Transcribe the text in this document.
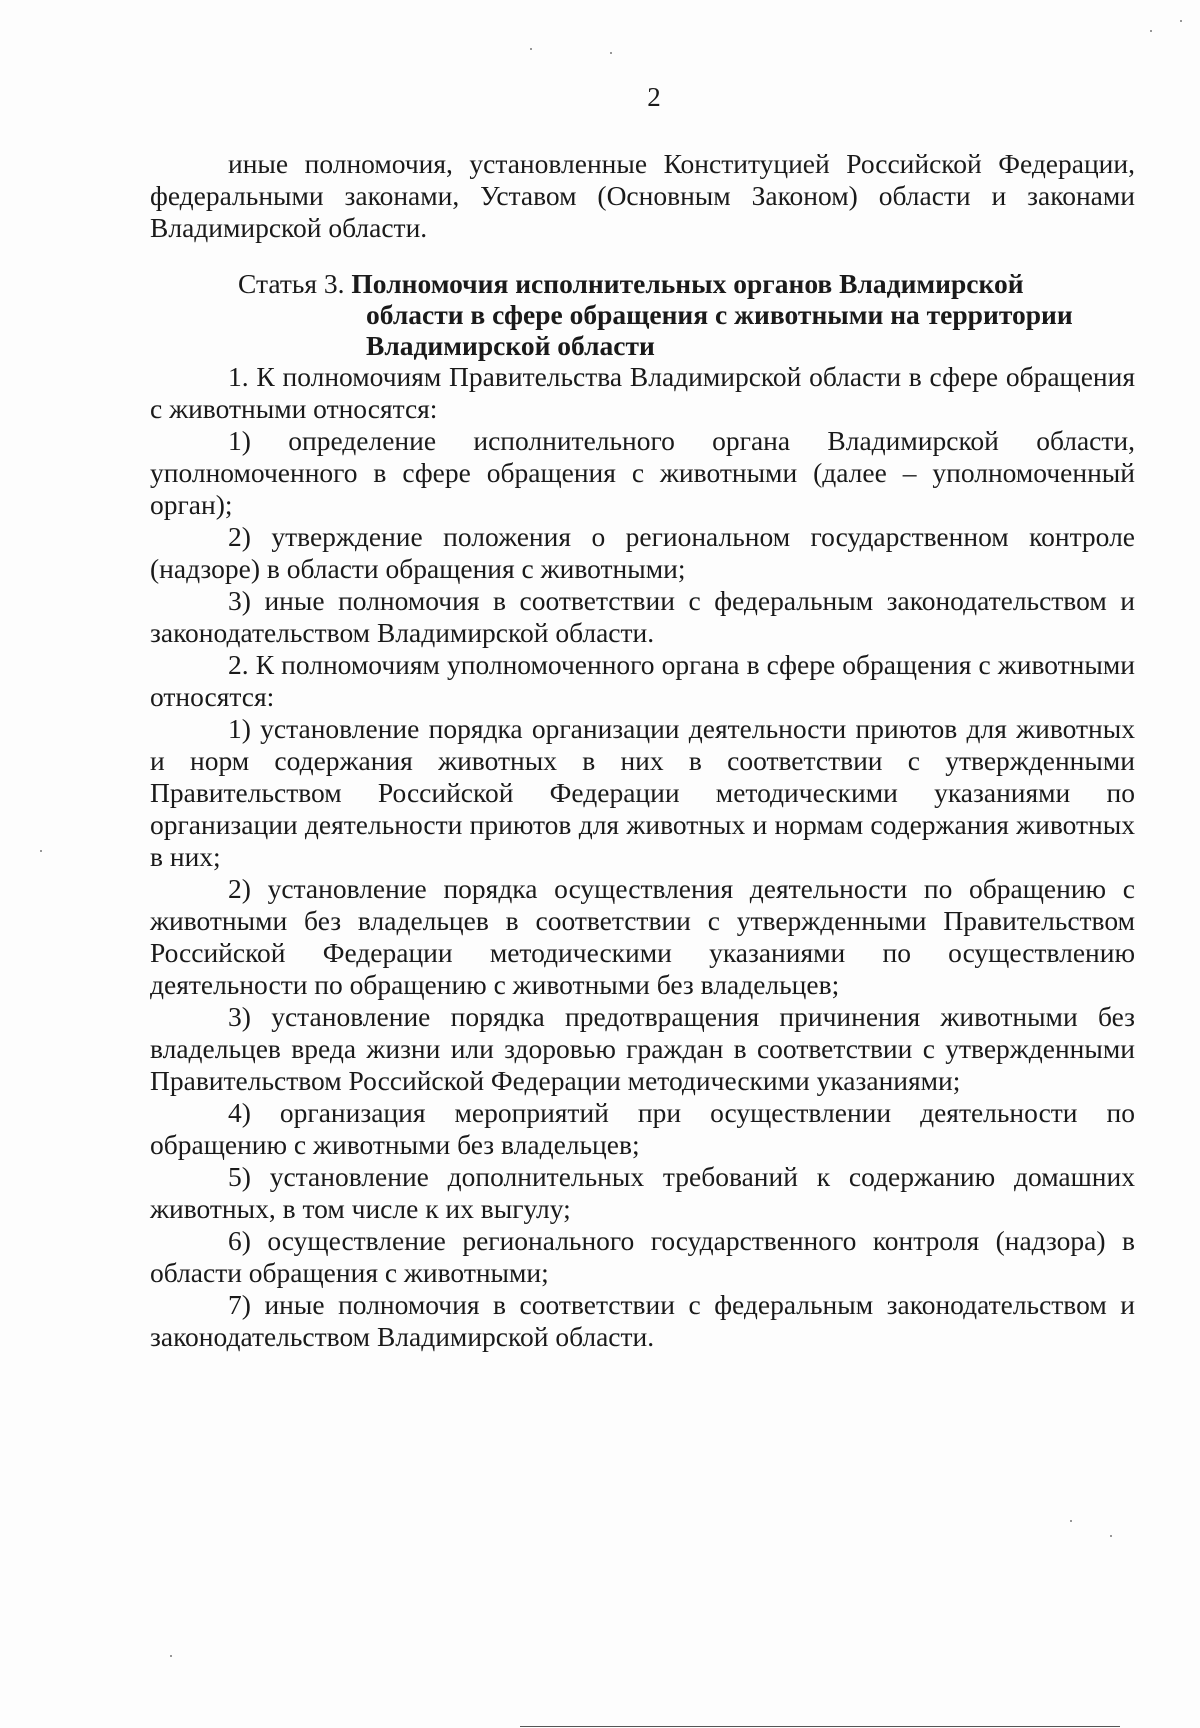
2

иные полномочия, установленные Конституцией Российской Федерации, федеральными законами, Уставом (Основным Законом) области и законами Владимирской области.

Статья 3. Полномочия исполнительных органов Владимирской
области в сфере обращения с животными на территории
Владимирской области

1. К полномочиям Правительства Владимирской области в сфере обращения с животными относятся:

1) определение исполнительного органа Владимирской области, уполномоченного в сфере обращения с животными (далее – уполномоченный орган);

2) утверждение положения о региональном государственном контроле (надзоре) в области обращения с животными;

3) иные полномочия в соответствии с федеральным законодательством и законодательством Владимирской области.

2. К полномочиям уполномоченного органа в сфере обращения с животными относятся:

1) установление порядка организации деятельности приютов для животных и норм содержания животных в них в соответствии с утвержденными Правительством Российской Федерации методическими указаниями по организации деятельности приютов для животных и нормам содержания животных в них;

2) установление порядка осуществления деятельности по обращению с животными без владельцев в соответствии с утвержденными Правительством Российской Федерации методическими указаниями по осуществлению деятельности по обращению с животными без владельцев;

3) установление порядка предотвращения причинения животными без владельцев вреда жизни или здоровью граждан в соответствии с утвержденными Правительством Российской Федерации методическими указаниями;

4) организация мероприятий при осуществлении деятельности по обращению с животными без владельцев;

5) установление дополнительных требований к содержанию домашних животных, в том числе к их выгулу;

6) осуществление регионального государственного контроля (надзора) в области обращения с животными;

7) иные полномочия в соответствии с федеральным законодательством и законодательством Владимирской области.
